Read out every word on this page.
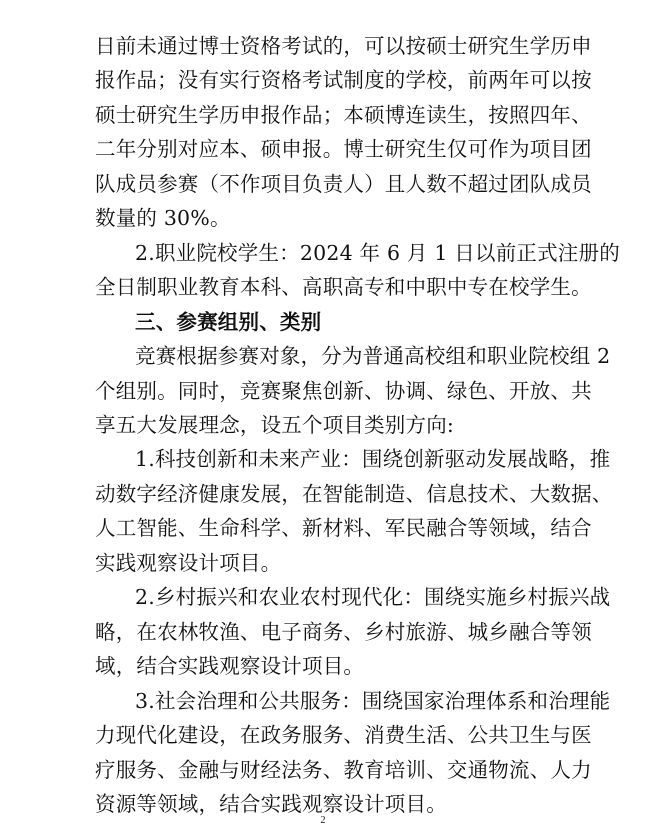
日前未通过博士资格考试的，可以按硕士研究生学历申
报作品；没有实行资格考试制度的学校，前两年可以按
硕士研究生学历申报作品；本硕博连读生，按照四年、
二年分别对应本、硕申报。博士研究生仅可作为项目团
队成员参赛（不作项目负责人）且人数不超过团队成员
数量的 30%。
2.职业院校学生：2024 年 6 月 1 日以前正式注册的
全日制职业教育本科、高职高专和中职中专在校学生。
三、参赛组别、类别
竞赛根据参赛对象，分为普通高校组和职业院校组 2
个组别。同时，竞赛聚焦创新、协调、绿色、开放、共
享五大发展理念，设五个项目类别方向:
1.科技创新和未来产业：围绕创新驱动发展战略，推
动数字经济健康发展，在智能制造、信息技术、大数据、
人工智能、生命科学、新材料、军民融合等领域，结合
实践观察设计项目。
2.乡村振兴和农业农村现代化：围绕实施乡村振兴战
略，在农林牧渔、电子商务、乡村旅游、城乡融合等领
域，结合实践观察设计项目。
3.社会治理和公共服务：围绕国家治理体系和治理能
力现代化建设，在政务服务、消费生活、公共卫生与医
疗服务、金融与财经法务、教育培训、交通物流、人力
资源等领域，结合实践观察设计项目。
2
